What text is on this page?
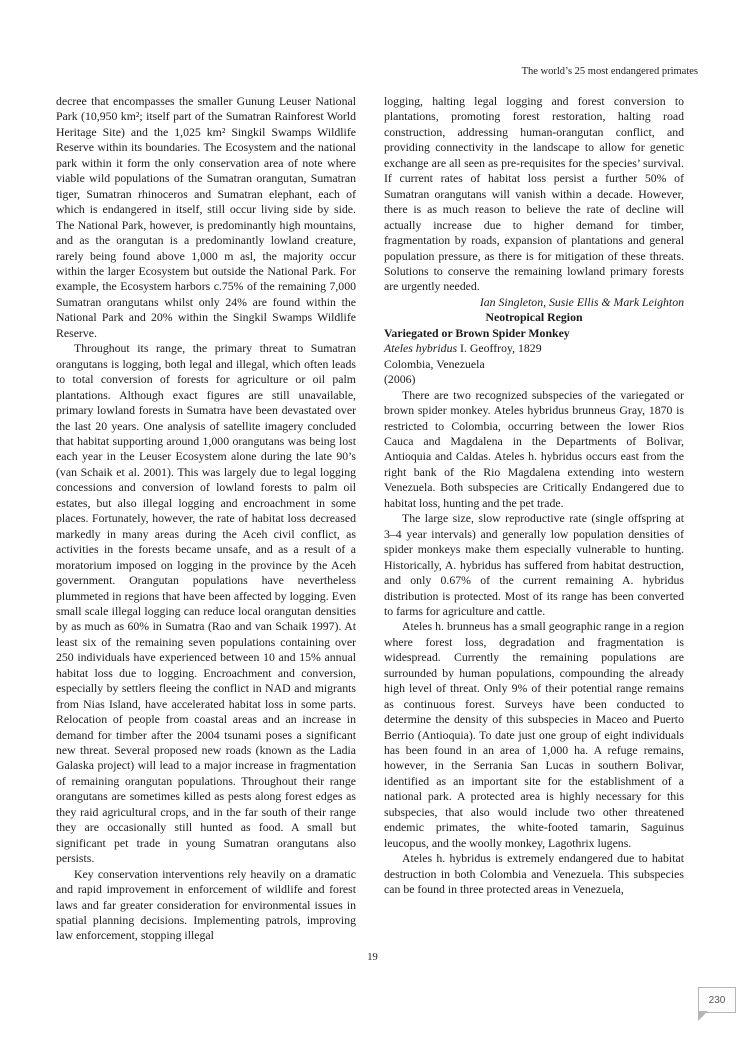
The world’s 25 most endangered primates

decree that encompasses the smaller Gunung Leuser National Park (10,950 km²; itself part of the Sumatran Rainforest World Heritage Site) and the 1,025 km² Singkil Swamps Wildlife Reserve within its boundaries. The Ecosystem and the national park within it form the only conservation area of note where viable wild populations of the Sumatran orangutan, Sumatran tiger, Sumatran rhinoceros and Sumatran elephant, each of which is endangered in itself, still occur living side by side. The National Park, however, is predominantly high mountains, and as the orangutan is a predominantly lowland creature, rarely being found above 1,000 m asl, the majority occur within the larger Ecosystem but outside the National Park. For example, the Ecosystem harbors c.75% of the remaining 7,000 Sumatran orangutans whilst only 24% are found within the National Park and 20% within the Singkil Swamps Wildlife Reserve.

Throughout its range, the primary threat to Sumatran orangutans is logging, both legal and illegal, which often leads to total conversion of forests for agriculture or oil palm plantations. Although exact figures are still unavailable, primary lowland forests in Sumatra have been devastated over the last 20 years. One analysis of satellite imagery concluded that habitat supporting around 1,000 orangutans was being lost each year in the Leuser Ecosystem alone during the late 90’s (van Schaik et al. 2001). This was largely due to legal logging concessions and conversion of lowland forests to palm oil estates, but also illegal logging and encroachment in some places. Fortunately, however, the rate of habitat loss decreased markedly in many areas during the Aceh civil conflict, as activities in the forests became unsafe, and as a result of a moratorium imposed on logging in the province by the Aceh government. Orangutan populations have nevertheless plummeted in regions that have been affected by logging. Even small scale illegal logging can reduce local orangutan densities by as much as 60% in Sumatra (Rao and van Schaik 1997). At least six of the remaining seven populations containing over 250 individuals have experienced between 10 and 15% annual habitat loss due to logging. Encroachment and conversion, especially by settlers fleeing the conflict in NAD and migrants from Nias Island, have accelerated habitat loss in some parts. Relocation of people from coastal areas and an increase in demand for timber after the 2004 tsunami poses a significant new threat. Several proposed new roads (known as the Ladia Galaska project) will lead to a major increase in fragmentation of remaining orangutan populations. Throughout their range orangutans are sometimes killed as pests along forest edges as they raid agricultural crops, and in the far south of their range they are occasionally still hunted as food. A small but significant pet trade in young Sumatran orangutans also persists.

Key conservation interventions rely heavily on a dramatic and rapid improvement in enforcement of wildlife and forest laws and far greater consideration for environmental issues in spatial planning decisions. Implementing patrols, improving law enforcement, stopping illegal

logging, halting legal logging and forest conversion to plantations, promoting forest restoration, halting road construction, addressing human-orangutan conflict, and providing connectivity in the landscape to allow for genetic exchange are all seen as pre-requisites for the species’ survival. If current rates of habitat loss persist a further 50% of Sumatran orangutans will vanish within a decade. However, there is as much reason to believe the rate of decline will actually increase due to higher demand for timber, fragmentation by roads, expansion of plantations and general population pressure, as there is for mitigation of these threats. Solutions to conserve the remaining lowland primary forests are urgently needed.

Ian Singleton, Susie Ellis & Mark Leighton

Neotropical Region

Variegated or Brown Spider Monkey

Ateles hybridus I. Geoffroy, 1829

Colombia, Venezuela

(2006)

There are two recognized subspecies of the variegated or brown spider monkey. Ateles hybridus brunneus Gray, 1870 is restricted to Colombia, occurring between the lower Rios Cauca and Magdalena in the Departments of Bolivar, Antioquia and Caldas. Ateles h. hybridus occurs east from the right bank of the Rio Magdalena extending into western Venezuela. Both subspecies are Critically Endangered due to habitat loss, hunting and the pet trade.

The large size, slow reproductive rate (single offspring at 3–4 year intervals) and generally low population densities of spider monkeys make them especially vulnerable to hunting. Historically, A. hybridus has suffered from habitat destruction, and only 0.67% of the current remaining A. hybridus distribution is protected. Most of its range has been converted to farms for agriculture and cattle.

Ateles h. brunneus has a small geographic range in a region where forest loss, degradation and fragmentation is widespread. Currently the remaining populations are surrounded by human populations, compounding the already high level of threat. Only 9% of their potential range remains as continuous forest. Surveys have been conducted to determine the density of this subspecies in Maceo and Puerto Berrio (Antioquia). To date just one group of eight individuals has been found in an area of 1,000 ha. A refuge remains, however, in the Serrania San Lucas in southern Bolivar, identified as an important site for the establishment of a national park. A protected area is highly necessary for this subspecies, that also would include two other threatened endemic primates, the white-footed tamarin, Saguinus leucopus, and the woolly monkey, Lagothrix lugens.

Ateles h. hybridus is extremely endangered due to habitat destruction in both Colombia and Venezuela. This subspecies can be found in three protected areas in Venezuela,

19
230
